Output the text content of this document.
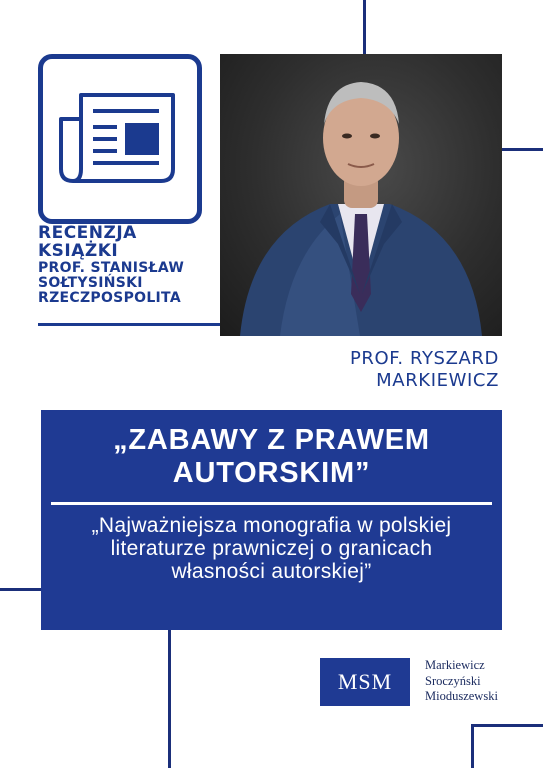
RECENZJA
KSIĄŻKI
PROF. STANISŁAW
SOŁTYSIŃSKI
RZECZPOSPOLITA
PROF. RYSZARD
MARKIEWICZ
„ZABAWY Z PRAWEM AUTORSKIM”
„Najważniejsza monografia w polskiej literaturze prawniczej o granicach własności autorskiej”
MSM
Markiewicz
Sroczyński
Mioduszewski
